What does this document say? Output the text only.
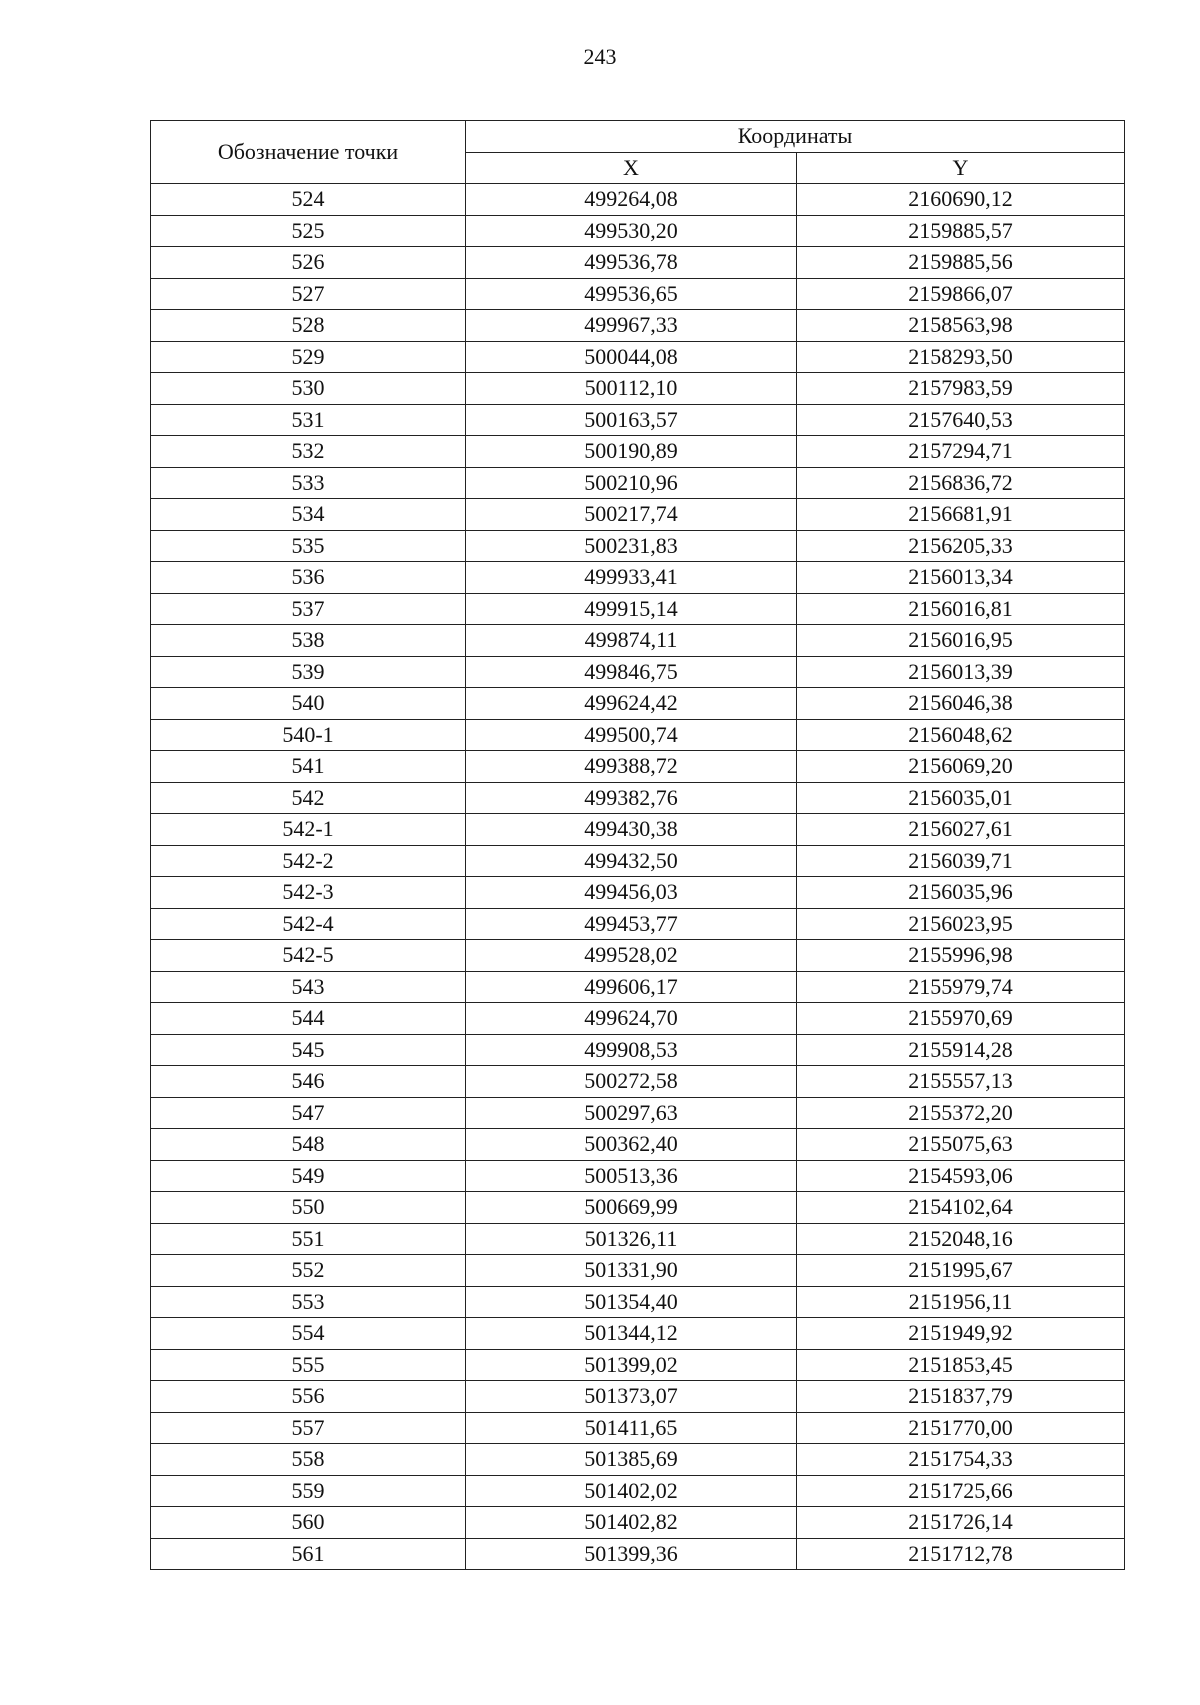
243
Обозначение точки	Координаты	
	X	Y
524	499264,08	2160690,12
525	499530,20	2159885,57
526	499536,78	2159885,56
527	499536,65	2159866,07
528	499967,33	2158563,98
529	500044,08	2158293,50
530	500112,10	2157983,59
531	500163,57	2157640,53
532	500190,89	2157294,71
533	500210,96	2156836,72
534	500217,74	2156681,91
535	500231,83	2156205,33
536	499933,41	2156013,34
537	499915,14	2156016,81
538	499874,11	2156016,95
539	499846,75	2156013,39
540	499624,42	2156046,38
540-1	499500,74	2156048,62
541	499388,72	2156069,20
542	499382,76	2156035,01
542-1	499430,38	2156027,61
542-2	499432,50	2156039,71
542-3	499456,03	2156035,96
542-4	499453,77	2156023,95
542-5	499528,02	2155996,98
543	499606,17	2155979,74
544	499624,70	2155970,69
545	499908,53	2155914,28
546	500272,58	2155557,13
547	500297,63	2155372,20
548	500362,40	2155075,63
549	500513,36	2154593,06
550	500669,99	2154102,64
551	501326,11	2152048,16
552	501331,90	2151995,67
553	501354,40	2151956,11
554	501344,12	2151949,92
555	501399,02	2151853,45
556	501373,07	2151837,79
557	501411,65	2151770,00
558	501385,69	2151754,33
559	501402,02	2151725,66
560	501402,82	2151726,14
561	501399,36	2151712,78
